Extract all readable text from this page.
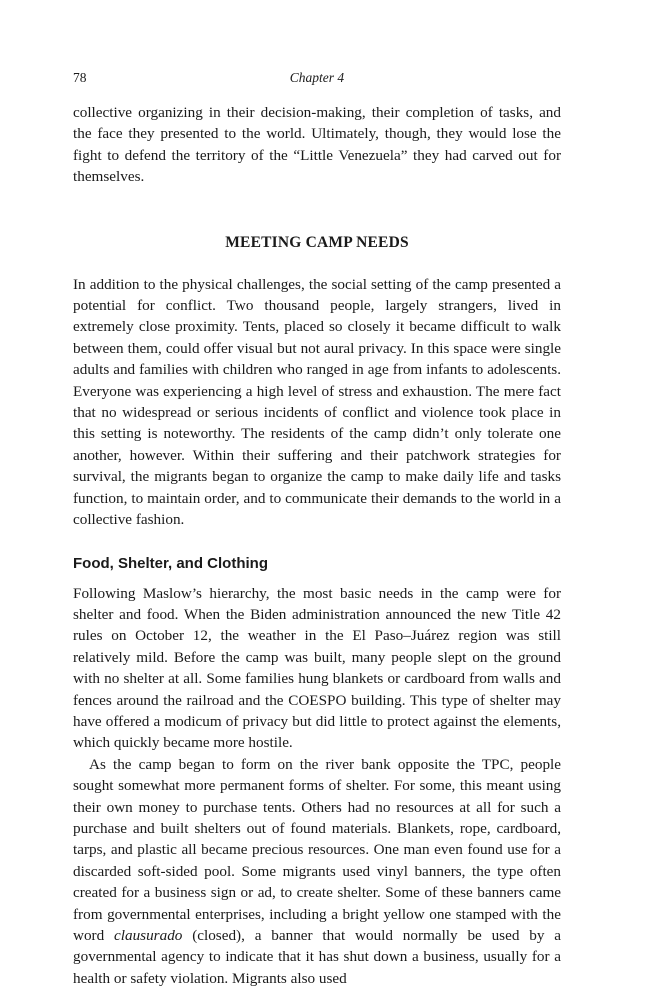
78	Chapter 4

collective organizing in their decision-making, their completion of tasks, and the face they presented to the world. Ultimately, though, they would lose the fight to defend the territory of the “Little Venezuela” they had carved out for themselves.

MEETING CAMP NEEDS

In addition to the physical challenges, the social setting of the camp presented a potential for conflict. Two thousand people, largely strangers, lived in extremely close proximity. Tents, placed so closely it became difficult to walk between them, could offer visual but not aural privacy. In this space were single adults and families with children who ranged in age from infants to adolescents. Everyone was experiencing a high level of stress and exhaustion. The mere fact that no widespread or serious incidents of conflict and violence took place in this setting is noteworthy. The residents of the camp didn’t only tolerate one another, however. Within their suffering and their patchwork strategies for survival, the migrants began to organize the camp to make daily life and tasks function, to maintain order, and to communicate their demands to the world in a collective fashion.

Food, Shelter, and Clothing

Following Maslow’s hierarchy, the most basic needs in the camp were for shelter and food. When the Biden administration announced the new Title 42 rules on October 12, the weather in the El Paso–Juárez region was still relatively mild. Before the camp was built, many people slept on the ground with no shelter at all. Some families hung blankets or cardboard from walls and fences around the railroad and the COESPO building. This type of shelter may have offered a modicum of privacy but did little to protect against the elements, which quickly became more hostile.

As the camp began to form on the river bank opposite the TPC, people sought somewhat more permanent forms of shelter. For some, this meant using their own money to purchase tents. Others had no resources at all for such a purchase and built shelters out of found materials. Blankets, rope, cardboard, tarps, and plastic all became precious resources. One man even found use for a discarded soft-sided pool. Some migrants used vinyl banners, the type often created for a business sign or ad, to create shelter. Some of these banners came from governmental enterprises, including a bright yellow one stamped with the word clausurado (closed), a banner that would normally be used by a governmental agency to indicate that it has shut down a business, usually for a health or safety violation. Migrants also used
